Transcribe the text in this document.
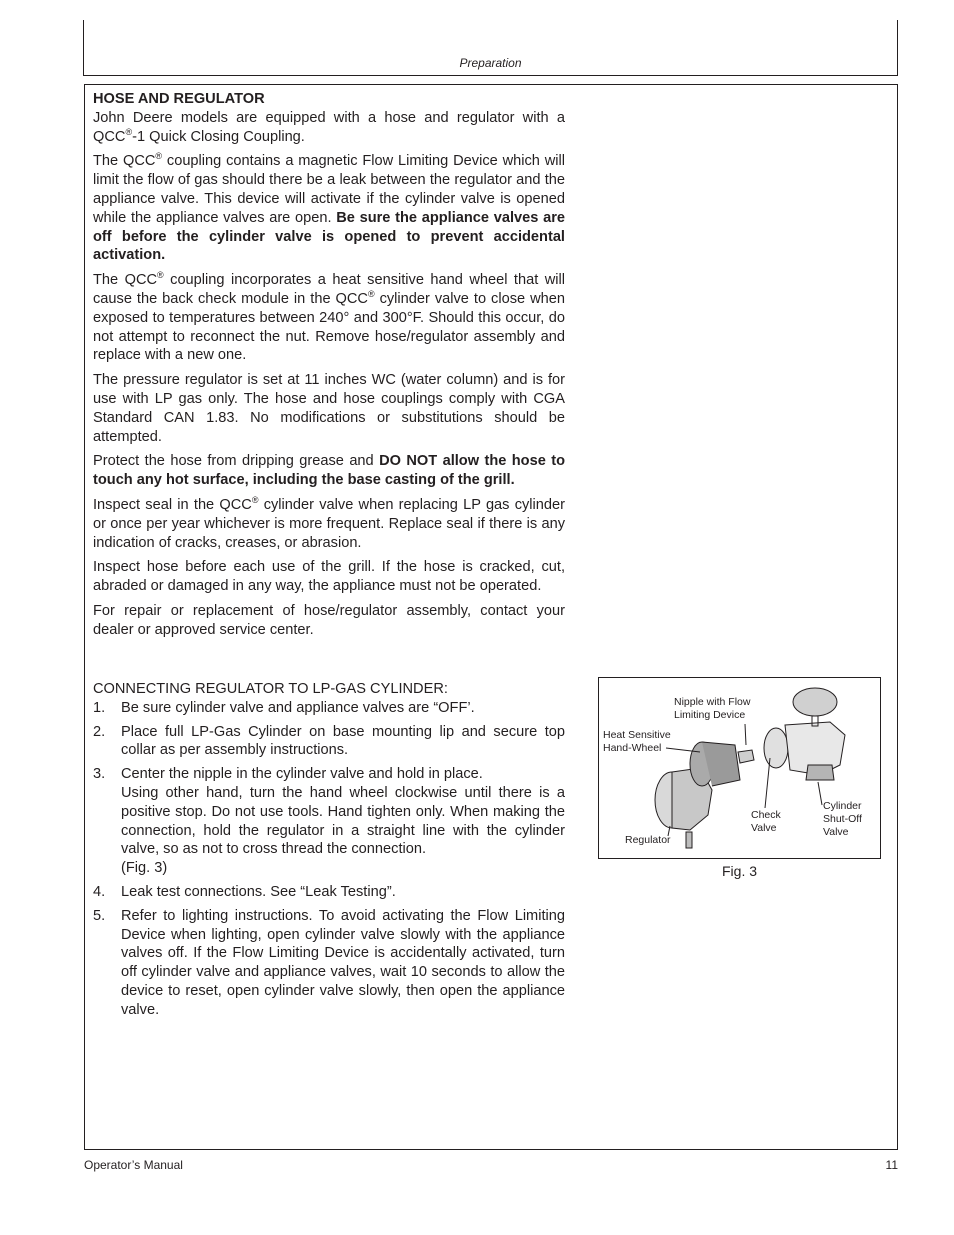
Preparation
HOSE AND REGULATOR

John Deere models are equipped with a hose and regulator with a QCC®-1 Quick Closing Coupling.

The QCC® coupling contains a magnetic Flow Limiting Device which will limit the flow of gas should there be a leak between the regulator and the appliance valve. This device will activate if the cylinder valve is opened while the appliance valves are open. Be sure the appliance valves are off before the cylinder valve is opened to prevent accidental activation.

The QCC® coupling incorporates a heat sensitive hand wheel that will cause the back check module in the QCC® cylinder valve to close when exposed to temperatures between 240° and 300°F. Should this occur, do not attempt to reconnect the nut. Remove hose/regulator assembly and replace with a new one.

The pressure regulator is set at 11 inches WC (water column) and is for use with LP gas only. The hose and hose couplings comply with CGA Standard CAN 1.83. No modifications or substitutions should be attempted.

Protect the hose from dripping grease and DO NOT allow the hose to touch any hot surface, including the base casting of the grill.

Inspect seal in the QCC® cylinder valve when replacing LP gas cylinder or once per year whichever is more frequent. Replace seal if there is any indication of cracks, creases, or abrasion.

Inspect hose before each use of the grill. If the hose is cracked, cut, abraded or damaged in any way, the appliance must not be operated.

For repair or replacement of hose/regulator assembly, contact your dealer or approved service center.

CONNECTING REGULATOR TO LP-GAS CYLINDER:
1.	Be sure cylinder valve and appliance valves are “OFF’.
2.	Place full LP-Gas Cylinder on base mounting lip and secure top collar as per assembly instructions.
3.	Center the nipple in the cylinder valve and hold in place.
Using other hand, turn the hand wheel clockwise until there is a positive stop. Do not use tools. Hand tighten only. When making the connection, hold the regulator in a straight line with the cylinder valve, so as not to cross thread the connection.
(Fig. 3)
4.	Leak test connections. See “Leak Testing”.
5.	Refer to lighting instructions. To avoid activating the Flow Limiting Device when lighting, open cylinder valve slowly with the appliance valves off. If the Flow Limiting Device is accidentally activated, turn off cylinder valve and appliance valves, wait 10 seconds to allow the device to reset, open cylinder valve slowly, then open the appliance valve.
Nipple with Flow
Limiting Device
Heat Sensitive
Hand-Wheel
Check
Valve
Cylinder
Shut-Off
Valve
Regulator
Fig. 3
Operator’s Manual	11
